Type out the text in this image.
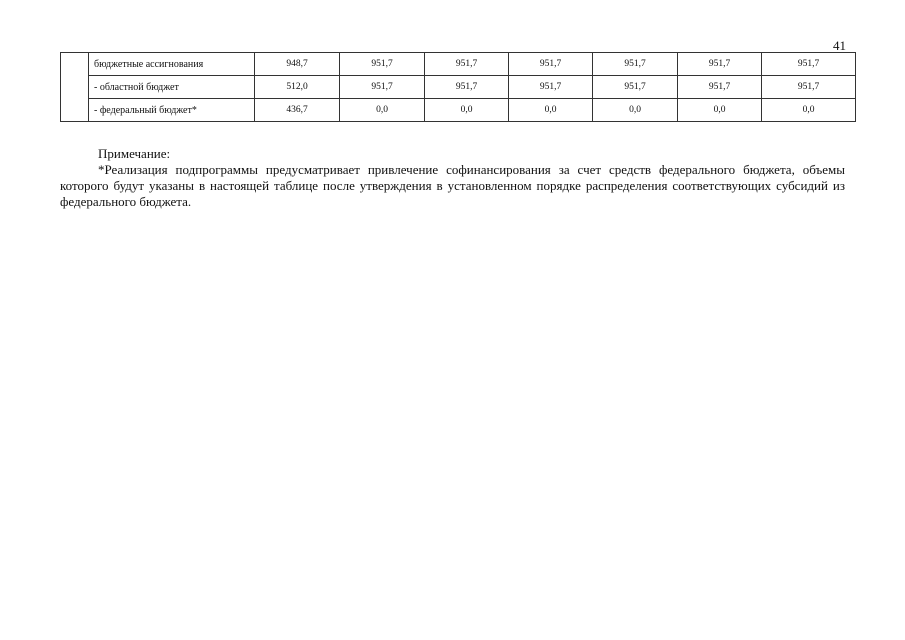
41
	бюджетные ассигнования	948,7	951,7	951,7	951,7	951,7	951,7	951,7
	- областной бюджет	512,0	951,7	951,7	951,7	951,7	951,7	951,7
	- федеральный бюджет*	436,7	0,0	0,0	0,0	0,0	0,0	0,0
Примечание:
*Реализация подпрограммы предусматривает привлечение софинансирования за счет средств федерального бюджета, объемы которого будут указаны в настоящей таблице после утверждения в установленном порядке распределения соответствующих субсидий из федерального бюджета.
